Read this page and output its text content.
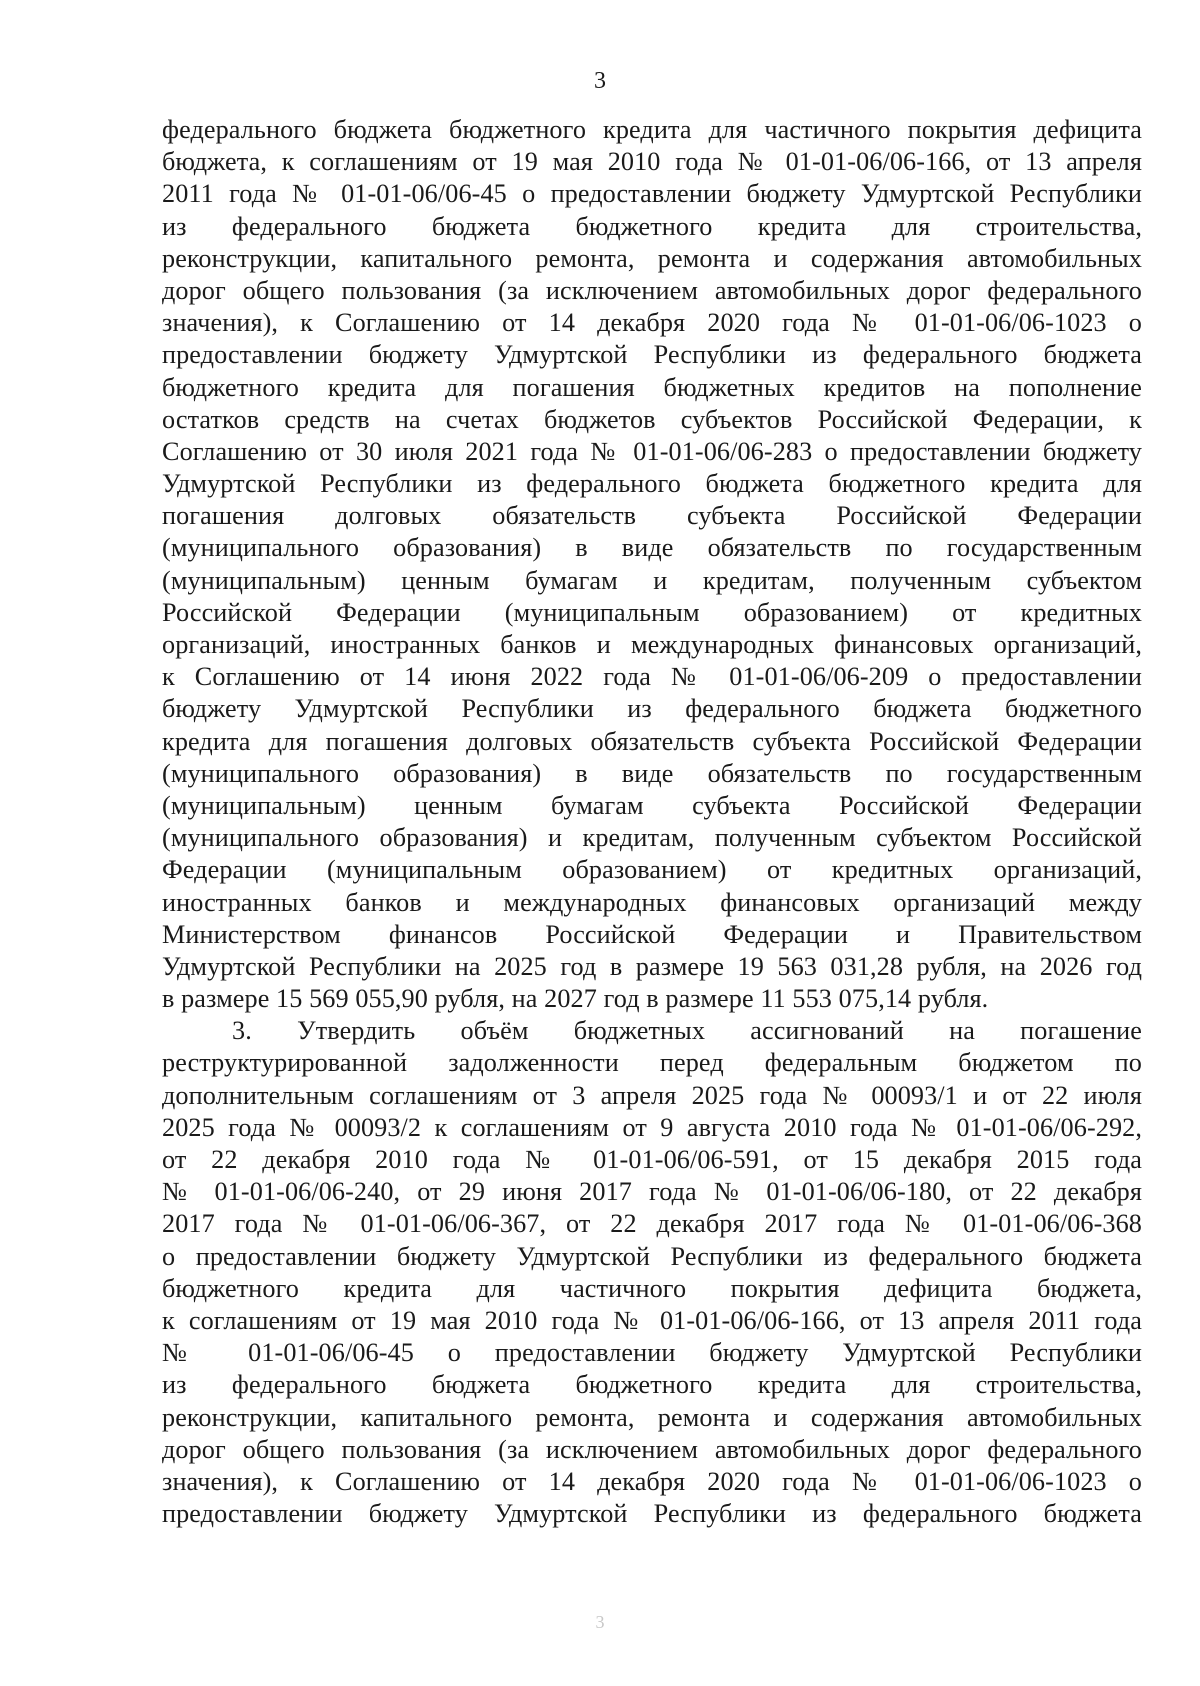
3
федерального бюджета бюджетного кредита для частичного покрытия дефицита
бюджета, к соглашениям от 19 мая 2010 года № 01-01-06/06-166, от 13 апреля
2011 года № 01-01-06/06-45 о предоставлении бюджету Удмуртской Республики
из федерального бюджета бюджетного кредита для строительства,
реконструкции, капитального ремонта, ремонта и содержания автомобильных
дорог общего пользования (за исключением автомобильных дорог федерального
значения), к Соглашению от 14 декабря 2020 года № 01-01-06/06-1023 о
предоставлении бюджету Удмуртской Республики из федерального бюджета
бюджетного кредита для погашения бюджетных кредитов на пополнение
остатков средств на счетах бюджетов субъектов Российской Федерации, к
Соглашению от 30 июля 2021 года № 01-01-06/06-283 о предоставлении бюджету
Удмуртской Республики из федерального бюджета бюджетного кредита для
погашения долговых обязательств субъекта Российской Федерации
(муниципального образования) в виде обязательств по государственным
(муниципальным) ценным бумагам и кредитам, полученным субъектом
Российской Федерации (муниципальным образованием) от кредитных
организаций, иностранных банков и международных финансовых организаций,
к Соглашению от 14 июня 2022 года № 01-01-06/06-209 о предоставлении
бюджету Удмуртской Республики из федерального бюджета бюджетного
кредита для погашения долговых обязательств субъекта Российской Федерации
(муниципального образования) в виде обязательств по государственным
(муниципальным) ценным бумагам субъекта Российской Федерации
(муниципального образования) и кредитам, полученным субъектом Российской
Федерации (муниципальным образованием) от кредитных организаций,
иностранных банков и международных финансовых организаций между
Министерством финансов Российской Федерации и Правительством
Удмуртской Республики на 2025 год в размере 19 563 031,28 рубля, на 2026 год
в размере 15 569 055,90 рубля, на 2027 год в размере 11 553 075,14 рубля.
3. Утвердить объём бюджетных ассигнований на погашение
реструктурированной задолженности перед федеральным бюджетом по
дополнительным соглашениям от 3 апреля 2025 года № 00093/1 и от 22 июля
2025 года № 00093/2 к соглашениям от 9 августа 2010 года № 01-01-06/06-292,
от 22 декабря 2010 года № 01-01-06/06-591, от 15 декабря 2015 года
№ 01-01-06/06-240, от 29 июня 2017 года № 01-01-06/06-180, от 22 декабря
2017 года № 01-01-06/06-367, от 22 декабря 2017 года № 01-01-06/06-368
о предоставлении бюджету Удмуртской Республики из федерального бюджета
бюджетного кредита для частичного покрытия дефицита бюджета,
к соглашениям от 19 мая 2010 года № 01-01-06/06-166, от 13 апреля 2011 года
№ 01-01-06/06-45 о предоставлении бюджету Удмуртской Республики
из федерального бюджета бюджетного кредита для строительства,
реконструкции, капитального ремонта, ремонта и содержания автомобильных
дорог общего пользования (за исключением автомобильных дорог федерального
значения), к Соглашению от 14 декабря 2020 года № 01-01-06/06-1023 о
предоставлении бюджету Удмуртской Республики из федерального бюджета
3
